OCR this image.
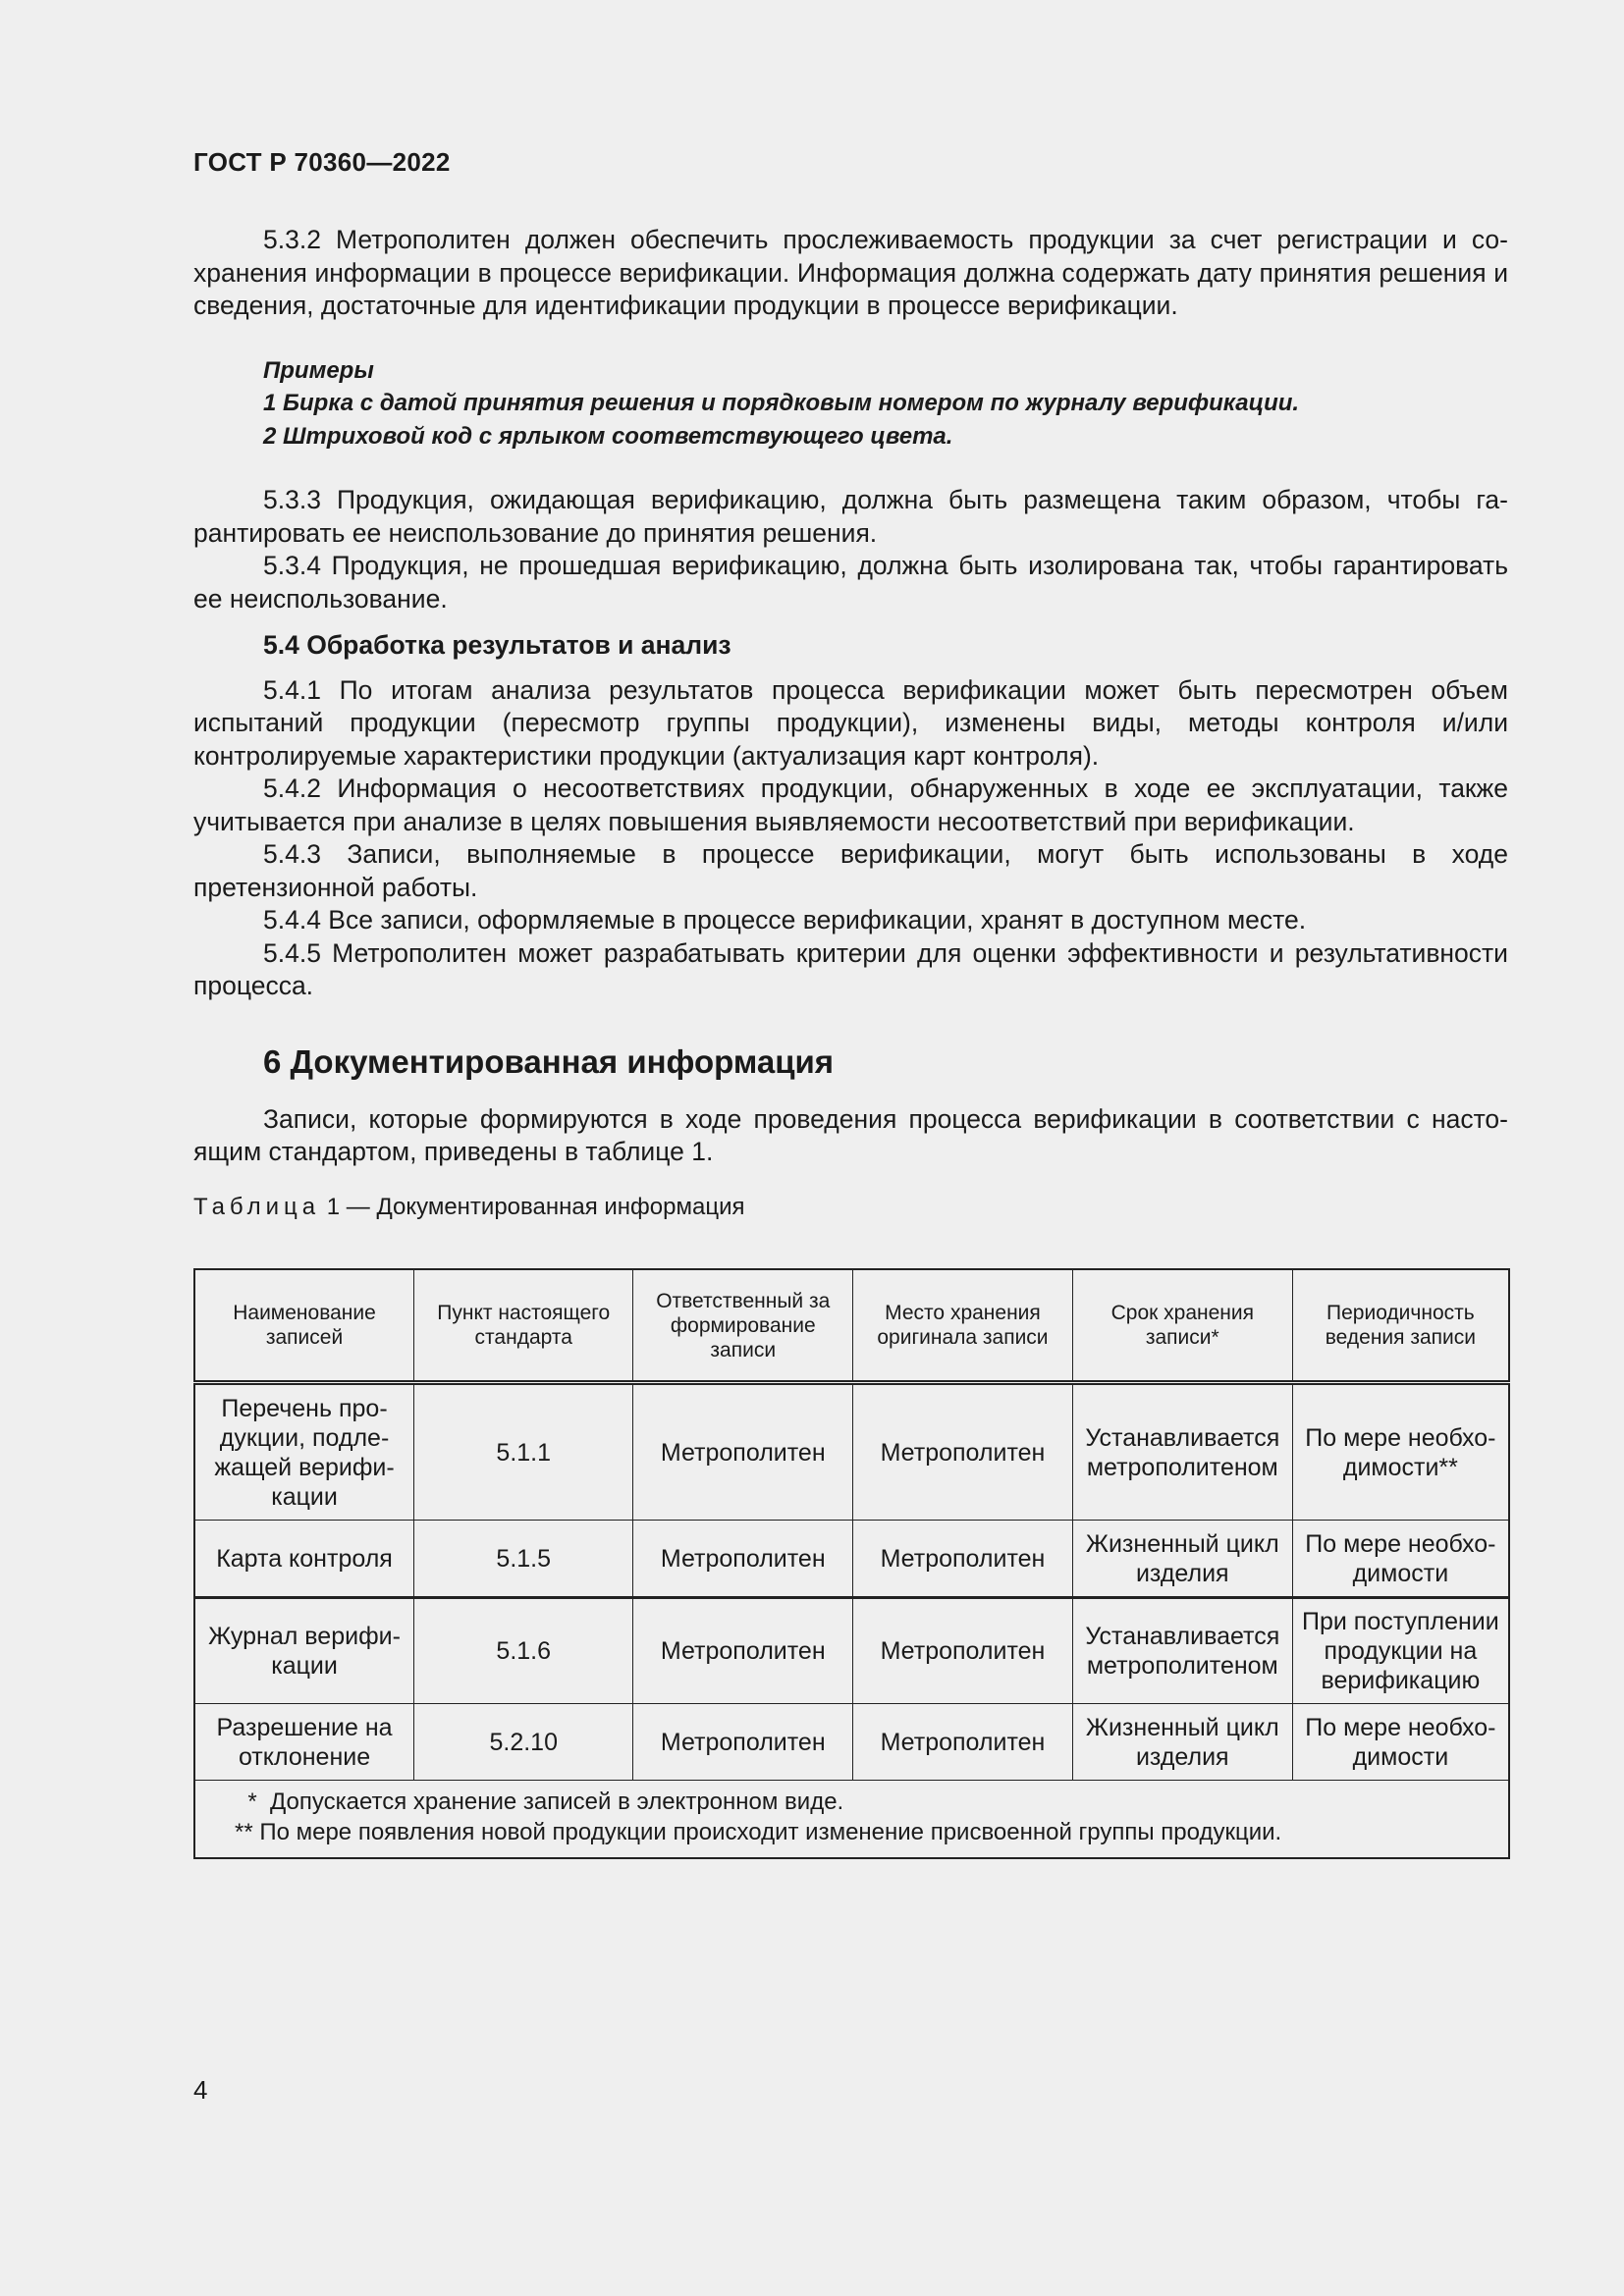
ГОСТ Р 70360—2022

5.3.2 Метрополитен должен обеспечить прослеживаемость продукции за счет регистрации и сохранения информации в процессе верификации. Информация должна содержать дату принятия решения и сведения, достаточные для идентификации продукции в процессе верификации.

Примеры
1 Бирка с датой принятия решения и порядковым номером по журналу верификации.
2 Штриховой код с ярлыком соответствующего цвета.

5.3.3 Продукция, ожидающая верификацию, должна быть размещена таким образом, чтобы гарантировать ее неиспользование до принятия решения.

5.3.4 Продукция, не прошедшая верификацию, должна быть изолирована так, чтобы гарантировать ее неиспользование.

5.4 Обработка результатов и анализ

5.4.1 По итогам анализа результатов процесса верификации может быть пересмотрен объем испытаний продукции (пересмотр группы продукции), изменены виды, методы контроля и/или контролируемые характеристики продукции (актуализация карт контроля).

5.4.2 Информация о несоответствиях продукции, обнаруженных в ходе ее эксплуатации, также учитывается при анализе в целях повышения выявляемости несоответствий при верификации.

5.4.3 Записи, выполняемые в процессе верификации, могут быть использованы в ходе претензионной работы.

5.4.4 Все записи, оформляемые в процессе верификации, хранят в доступном месте.

5.4.5 Метрополитен может разрабатывать критерии для оценки эффективности и результативности процесса.

6 Документированная информация

Записи, которые формируются в ходе проведения процесса верификации в соответствии с настоящим стандартом, приведены в таблице 1.

Таблица 1 — Документированная информация
Наименование записей	Пункт настоящего стандарта	Ответственный за формирование записи	Место хранения оригинала записи	Срок хранения записи*	Периодичность ведения записи
Перечень продукции, подлежащей верификации	5.1.1	Метрополитен	Метрополитен	Устанавливается метрополитеном	По мере необходимости**
Карта контроля	5.1.5	Метрополитен	Метрополитен	Жизненный цикл изделия	По мере необходимости
Журнал верификации	5.1.6	Метрополитен	Метрополитен	Устанавливается метрополитеном	При поступлении продукции на верификацию
Разрешение на отклонение	5.2.10	Метрополитен	Метрополитен	Жизненный цикл изделия	По мере необходимости

*  Допускается хранение записей в электронном виде.
** По мере появления новой продукции происходит изменение присвоенной группы продукции.					
4
